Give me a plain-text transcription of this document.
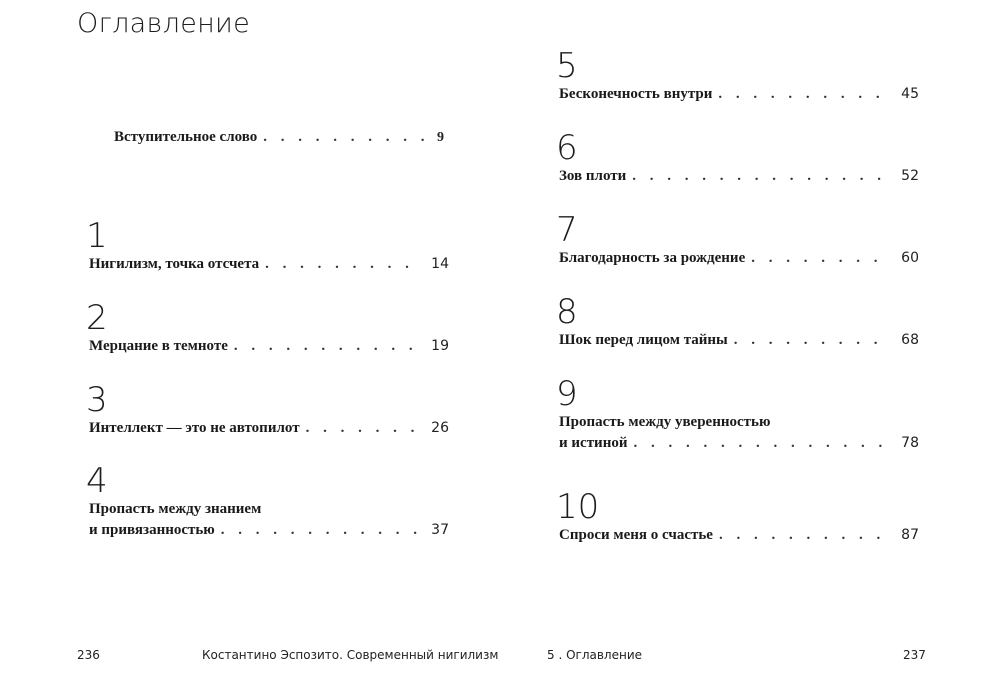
Оглавление
Вступительное слово . . .	9
1
Нигилизм, точка отсчета . . .	14
2
Мерцание в темноте . . .	19
3
Интеллект — это не автопилот . . .	26
4
Пропасть между знанием
и привязанностью . . .	37
236	Костантино Эспозито. Современный нигилизм
5
Бесконечность внутри . . .	45
6
Зов плоти . . .	52
7
Благодарность за рождение . . .	60
8
Шок перед лицом тайны . . .	68
9
Пропасть между уверенностью
и истиной . . .	78
10
Спроси меня о счастье . . .	87
5 . Оглавление	237
